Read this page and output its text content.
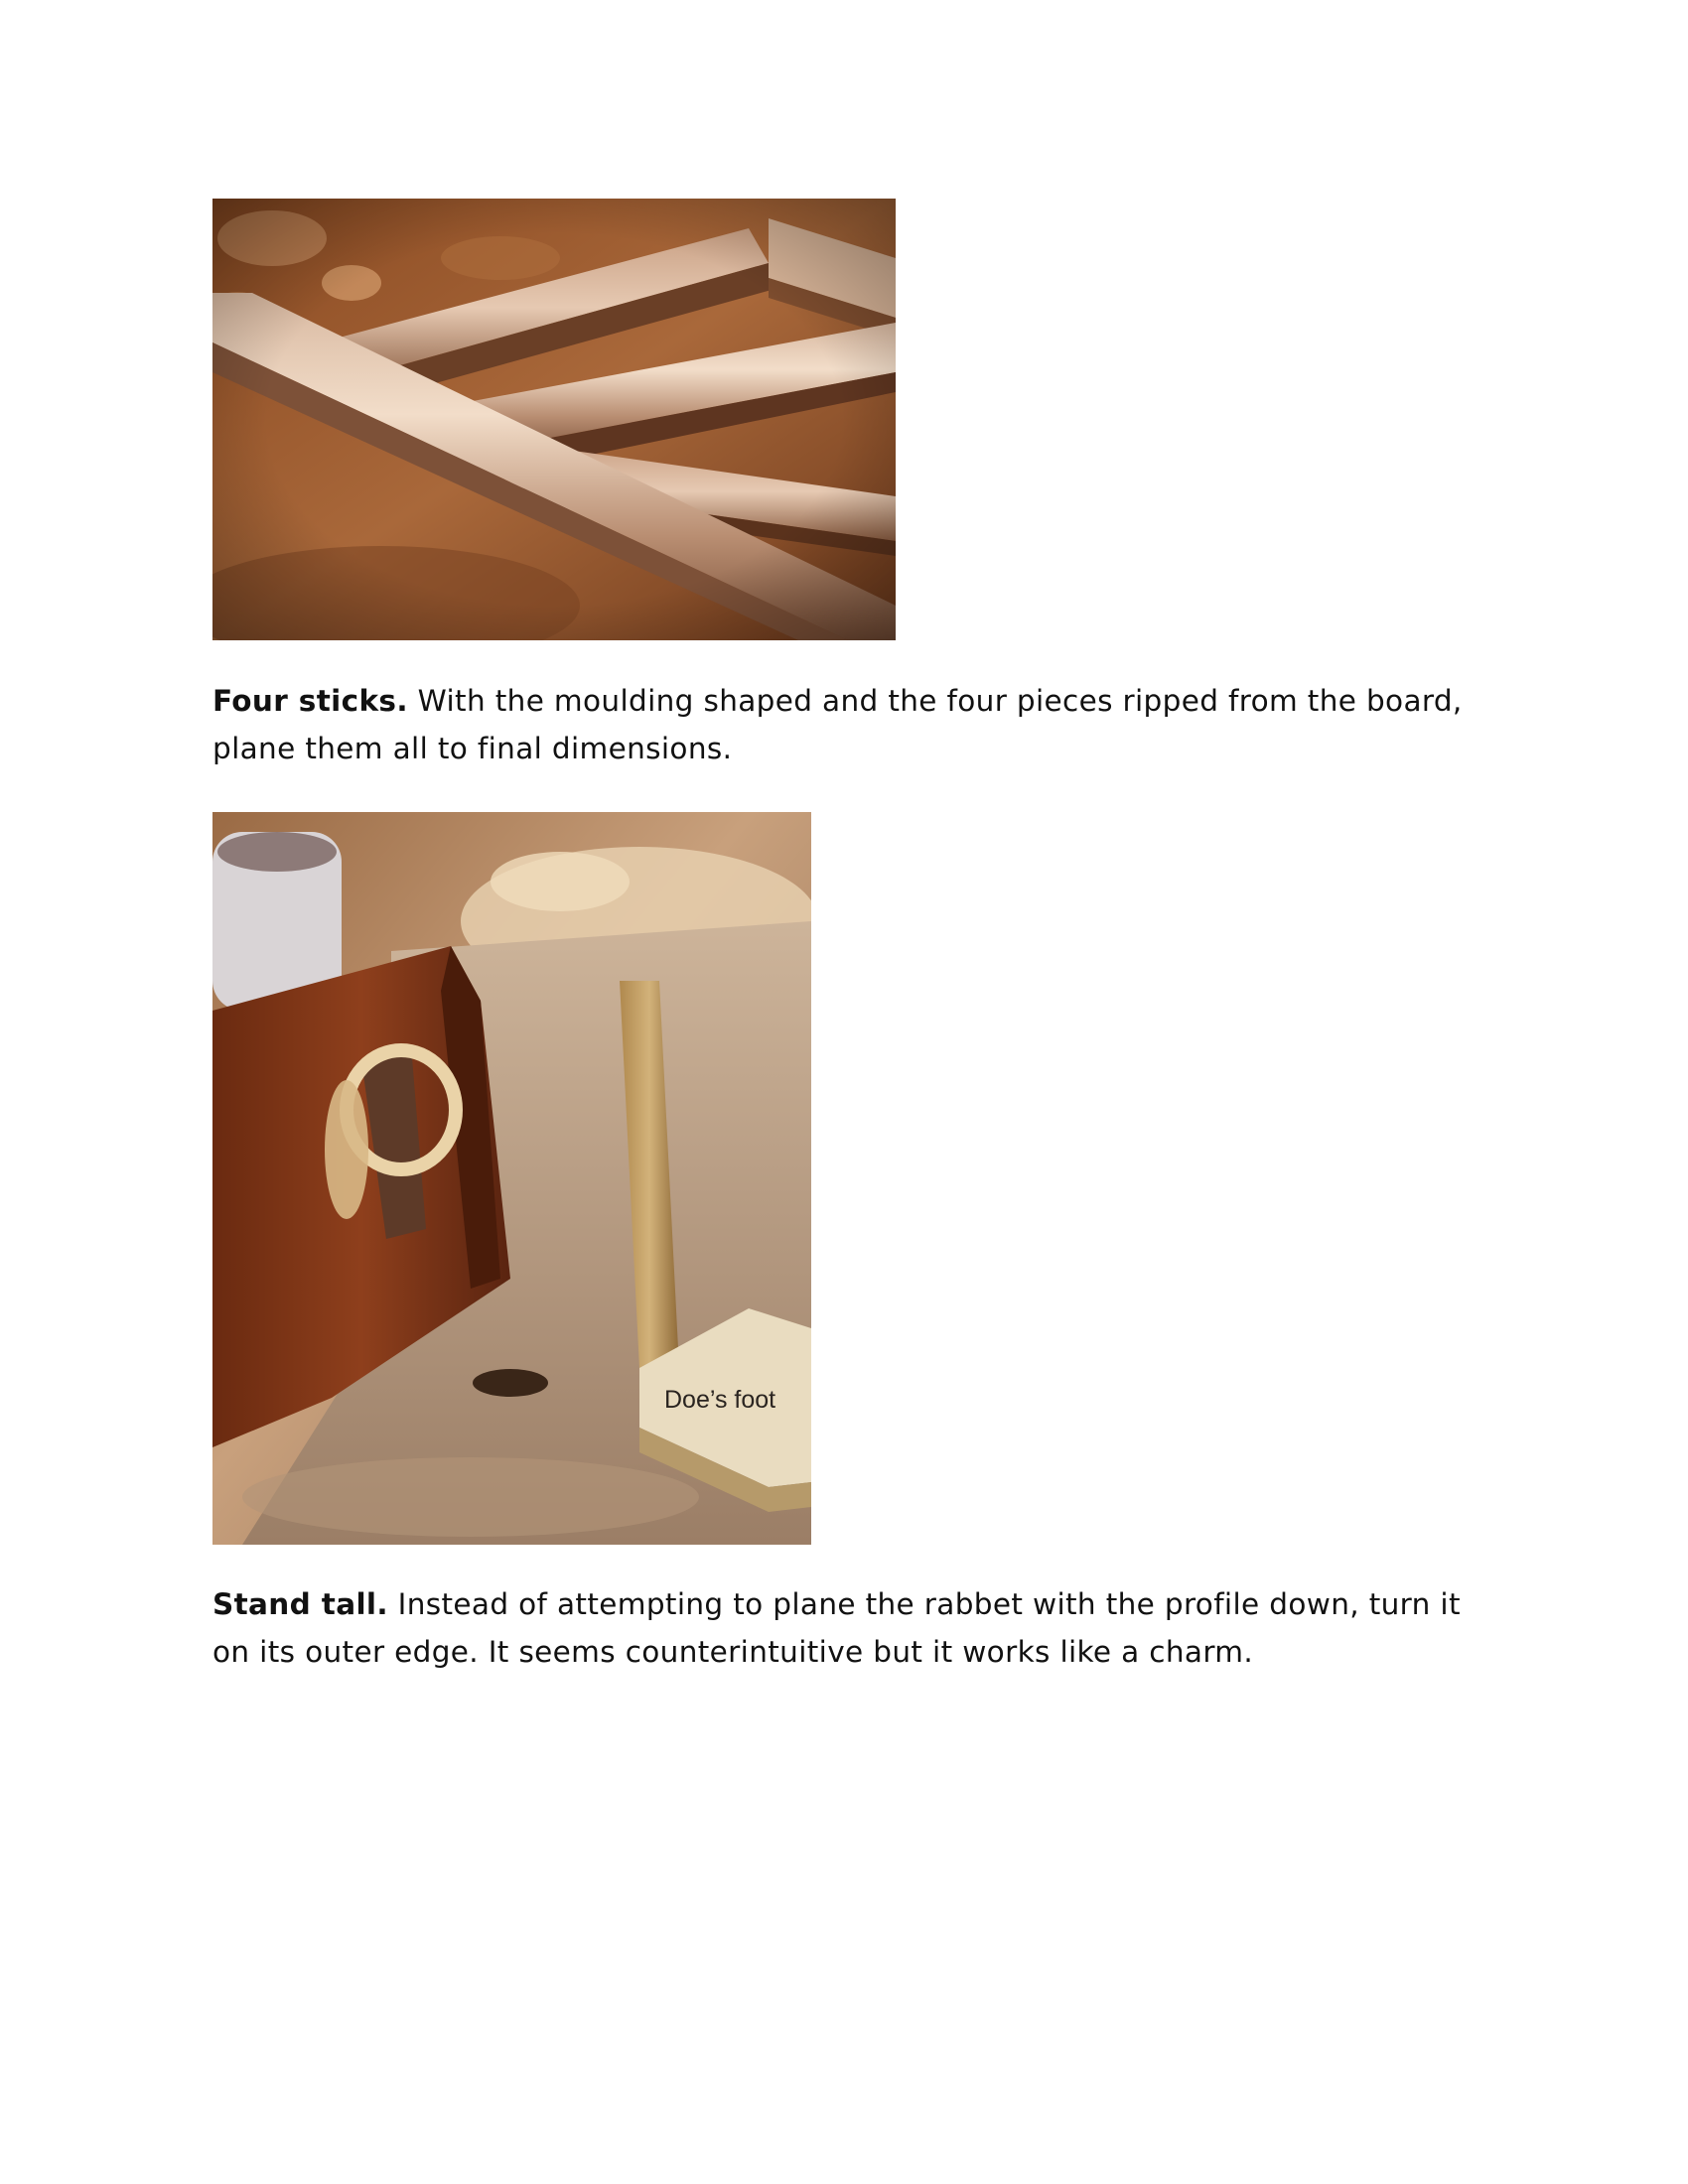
Four sticks. With the moulding shaped and the four pieces ripped from the board, plane them all to final dimensions.

Doe’s foot

Stand tall. Instead of attempting to plane the rabbet with the profile down, turn it on its outer edge. It seems counterintuitive but it works like a charm.
